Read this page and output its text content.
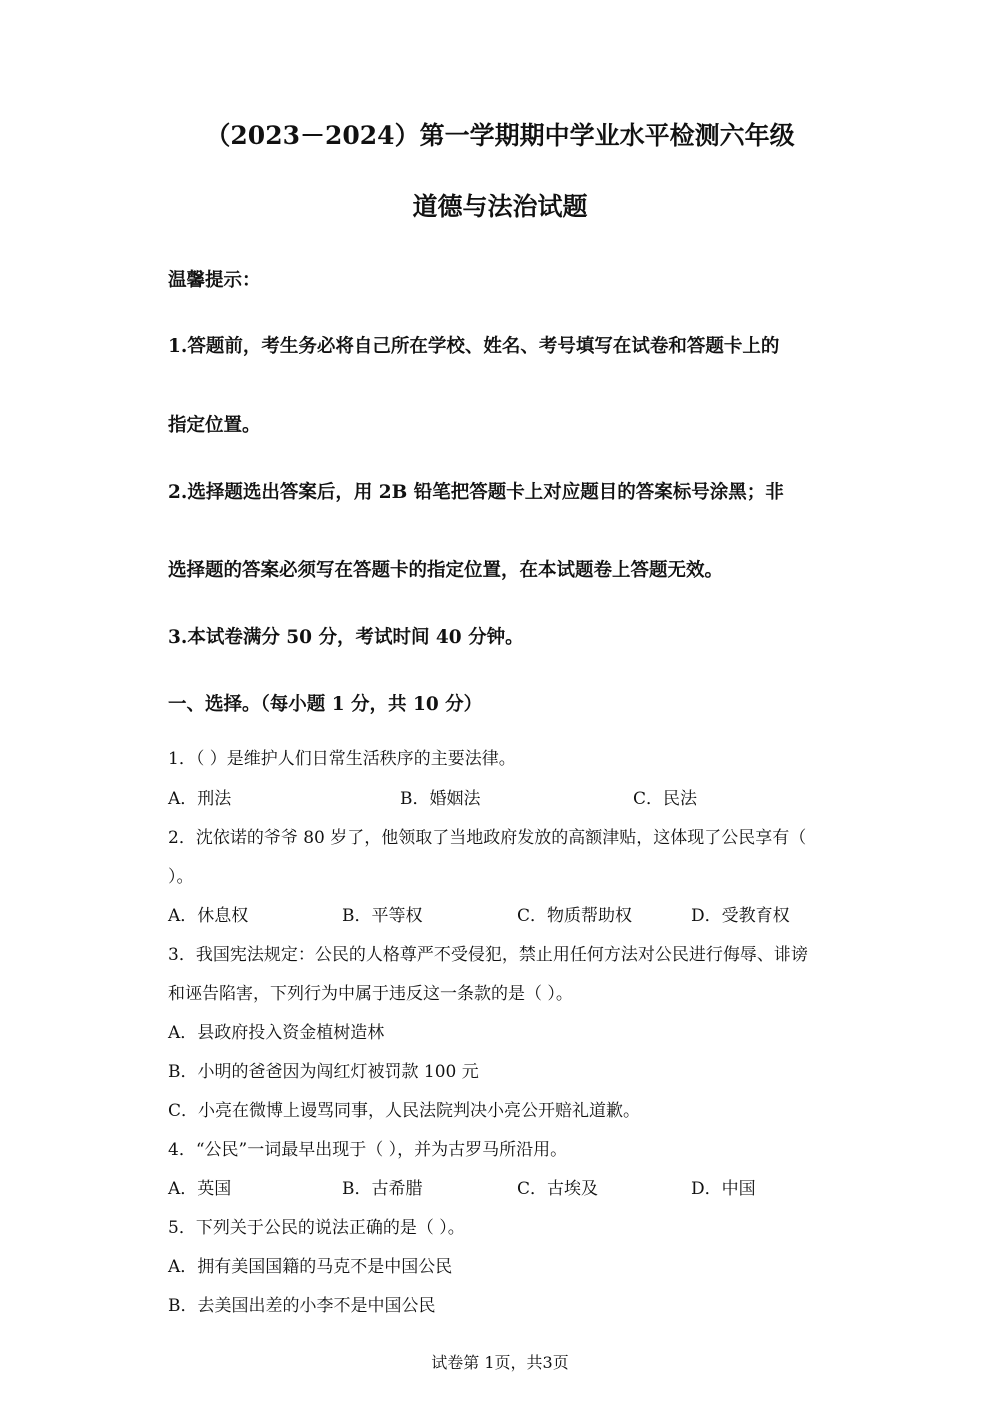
（2023－2024）第一学期期中学业水平检测六年级
道德与法治试题
温馨提示：
1.答题前，考生务必将自己所在学校、姓名、考号填写在试卷和答题卡上的
指定位置。
2.选择题选出答案后，用 2B 铅笔把答题卡上对应题目的答案标号涂黑；非
选择题的答案必须写在答题卡的指定位置，在本试题卷上答题无效。
3.本试卷满分 50 分，考试时间 40 分钟。
一、选择。（每小题 1 分，共 10 分）
1．（ ）是维护人们日常生活秩序的主要法律。
A．刑法	B．婚姻法	C．民法
2．沈依诺的爷爷 80 岁了，他领取了当地政府发放的高额津贴，这体现了公民享有（
）。
A．休息权	B．平等权	C．物质帮助权	D．受教育权
3．我国宪法规定：公民的人格尊严不受侵犯，禁止用任何方法对公民进行侮辱、诽谤
和诬告陷害，下列行为中属于违反这一条款的是（ ）。
A．县政府投入资金植树造林
B．小明的爸爸因为闯红灯被罚款 100 元
C．小亮在微博上谩骂同事，人民法院判决小亮公开赔礼道歉。
4．“公民”一词最早出现于（ ），并为古罗马所沿用。
A．英国	B．古希腊	C．古埃及	D．中国
5．下列关于公民的说法正确的是（ ）。
A．拥有美国国籍的马克不是中国公民
B．去美国出差的小李不是中国公民
试卷第 1页，共3页
